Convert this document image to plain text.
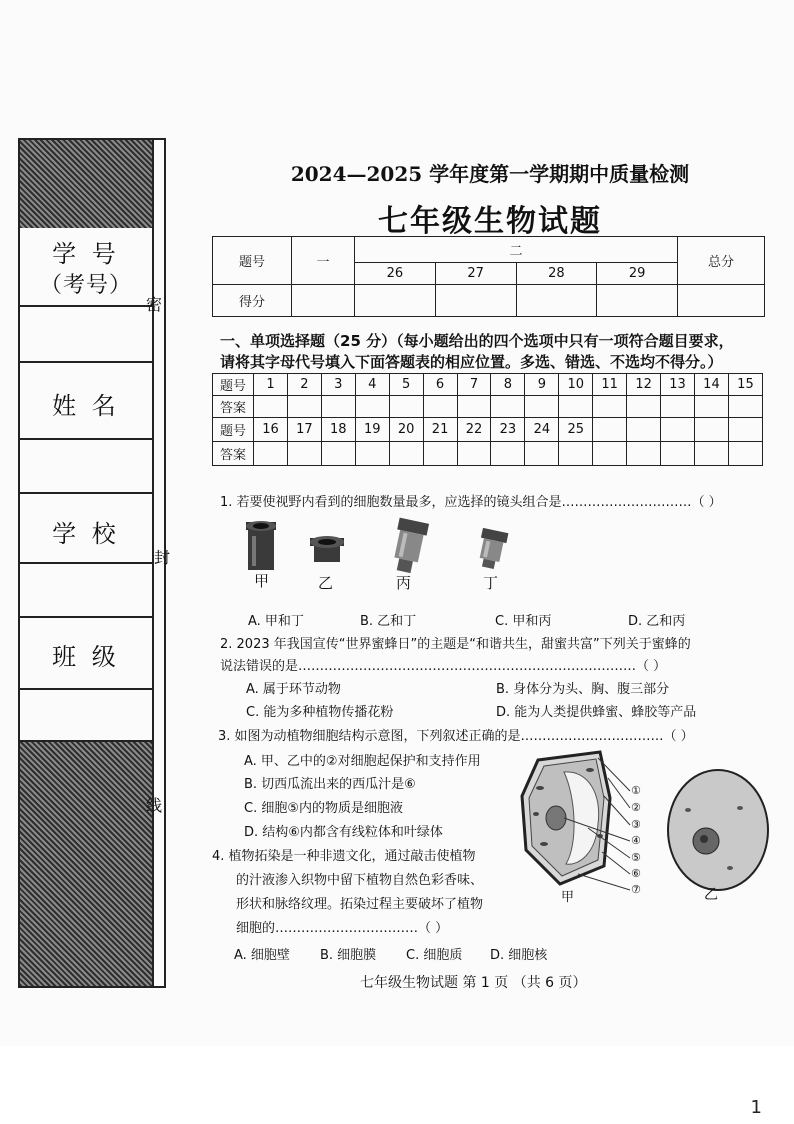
1
学 号
（考号）
姓 名
学 校
班 级
密
封
线
2024—2025 学年度第一学期期中质量检测
七年级生物试题
题号	一	二				总分
		26	27	28	29	
得分						
一、单项选择题（25 分）（每小题给出的四个选项中只有一项符合题目要求，
请将其字母代号填入下面答题表的相应位置。多选、错选、不选均不得分。）
题号	1	2	3	4	5	6	7	8	9	10	11	12	13	14	15
答案															
题号	16	17	18	19	20	21	22	23	24	25					
答案															
1. 若要使视野内看到的细胞数量最多，应选择的镜头组合是…………………………（ ）
甲	乙	丙	丁
A. 甲和丁	B. 乙和丁	C. 甲和丙	D. 乙和丙
2. 2023 年我国宣传“世界蜜蜂日”的主题是“和谐共生，甜蜜共富”下列关于蜜蜂的
说法错误的是……………………………………………………………………（ ）
A. 属于环节动物	B. 身体分为头、胸、腹三部分
C. 能为多种植物传播花粉	D. 能为人类提供蜂蜜、蜂胶等产品
3. 如图为动植物细胞结构示意图，下列叙述正确的是……………………………（ ）
A. 甲、乙中的②对细胞起保护和支持作用
B. 切西瓜流出来的西瓜汁是⑥
C. 细胞⑤内的物质是细胞液
D. 结构⑥内都含有线粒体和叶绿体
①
②
③
④
⑤
⑥
⑦
甲	乙
4. 植物拓染是一种非遗文化，通过敲击使植物
的汁液渗入织物中留下植物自然色彩香味、
形状和脉络纹理。拓染过程主要破坏了植物
细胞的……………………………（ ）
A. 细胞壁 B. 细胞膜 C. 细胞质 D. 细胞核
七年级生物试题 第 1 页 （共 6 页）
